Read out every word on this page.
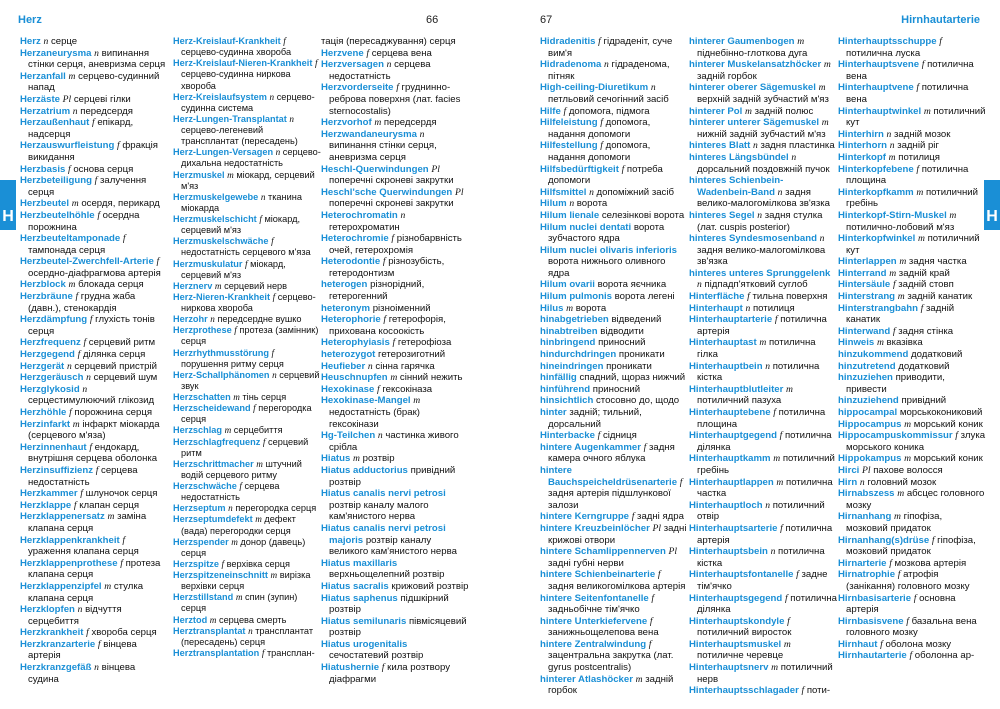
Herz	66
H

Herz n серце

Herzaneurysma n випинання стінки серця, аневризма серця

Herzanfall m серцево-судинний напад

Herzäste Pl серцеві гілки

Herzatrium n передсердя

Herzaußenhaut f епікард, надсерця

Herzauswurfleistung f фракція викидання

Herzbasis f основа серця

Herzbeteiligung f залучення серця

Herzbeutel m осердя, перикард

Herzbeutelhöhle f осердна порожнина

Herzbeuteltamponade f тампонада серця

Herzbeutel-Zwerchfell-Arterie f осердно-діафрагмова артерія

Herzblock m блокада серця

Herzbräune f грудна жаба (давн.), стенокардія

Herzdämpfung f глухість тонів серця

Herzfrequenz f серцевий ритм

Herzgegend f ділянка серця

Herzgerät n серцевий пристрій

Herzgeräusch n серцевий шум

Herzglykosid n серцестимулюючий глікозид

Herzhöhle f порожнина серця

Herzinfarkt m інфаркт міокарда (серцевого м'яза)

Herzinnenhaut f ендокард, внутрішня серцева оболонка

Herzinsuffizienz f серцева недостатність

Herzkammer f шлуночок серця

Herzklappe f клапан серця

Herzklappenersatz m заміна клапана серця

Herzklappenkrankheit f ураження клапана серця

Herzklappenprothese f протеза клапана серця

Herzklappenzipfel m стулка клапана серця

Herzklopfen n відчуття серцебиття

Herzkrankheit f хвороба серця

Herzkranzarterie f вінцева артерія

Herzkranzgefäß n вінцева судина

Herz-Kreislauf-Krankheit f серцево-судинна хвороба

Herz-Kreislauf-Nieren-Krankheit f серцево-судинна ниркова хвороба

Herz-Kreislaufsystem n серцево-судинна система

Herz-Lungen-Transplantat n серцево-легеневий трансплантат (пересадень)

Herz-Lungen-Versagen n серцево-дихальна недостатність

Herzmuskel m міокард, серцевий м'яз

Herzmuskelgewebe n тканина міокарда

Herzmuskelschicht f міокард, серцевий м'яз

Herzmuskelschwäche f недостатність серцевого м'яза

Herzmuskulatur f міокард, серцевий м'яз

Herznerv m серцевий нерв

Herz-Nieren-Krankheit f серцево-ниркова хвороба

Herzohr n передсердне вушко

Herzprothese f протеза (замінник) серця

Herzrhythmusstörung f порушення ритму серця

Herz-Schallphänomen n серцевий звук

Herzschatten m тінь серця

Herzscheidewand f перегородка серця

Herzschlag m серцебиття

Herzschlagfrequenz f серцевий ритм

Herzschrittmacher m штучний водій серцевого ритму

Herzschwäche f серцева недостатність

Herzseptum n перегородка серця

Herzseptumdefekt m дефект (вада) перегородки серця

Herzspender m донор (давець) серця

Herzspitze f верхівка серця

Herzspitzeneinschnitt m вирізка верхівки серця

Herzstillstand m спин (зупин) серця

Herztod m серцева смерть

Herztransplantat n трансплантат (пересадень) серця

Herztransplantation f трансплан-

тація (пересаджування) серця

Herzvene f серцева вена

Herzversagen n серцева недостатність

Herzvorderseite f груднинно-реброва поверхня (лат. facies sternocostalis)

Herzvorhof m передсердя

Herzwandaneurysma n випинання стінки серця, аневризма серця

Heschl-Querwindungen Pl поперечні скроневі закрутки

Heschl'sche Querwindungen Pl поперечні скроневі закрутки

Heterochromatin n гетерохроматин

Heterochromie f різнобарвність очей, гетерохромія

Heterodontie f різнозубість, гетеродонтизм

heterogen різнорідний, гетерогенний

heteronym різноіменний

Heterophorie f гетерофорія, прихована косоокість

Heterophyiasis f гетерофіоза

heterozygot гетерозиготний

Heufieber n сінна гарячка

Heuschnupfen m сінний нежить

Hexokinase f гексокіназа

Hexokinase-Mangel m недостатність (брак) гексокінази

Hg-Teilchen n частинка живого срібла

Hiatus m розтвір

Hiatus adductorius привідний розтвір

Hiatus canalis nervi petrosi розтвір каналу малого кам'янистого нерва

Hiatus canalis nervi petrosi majoris розтвір каналу великого кам'янистого нерва

Hiatus maxillaris верхньощелепний розтвір

Hiatus sacralis крижовий розтвір

Hiatus saphenus підшкірний розтвір

Hiatus semilunaris півмісяцевий розтвір

Hiatus urogenitalis сечостатевий розтвір

Hiatushernie f кила розтвору діафрагми

67	Hirnhautarterie
H

Hidradenitis f гідраденіт, суче вим'я

Hidradenoma n гідраденома, пітняк

High-ceiling-Diuretikum n петльовий сечогінний засіб

Hilfe f допомога, підмога

Hilfeleistung f допомога, надання допомоги

Hilfestellung f допомога, надання допомоги

Hilfsbedürftigkeit f потреба допомоги

Hilfsmittel n допоміжний засіб

Hilum n ворота

Hilum lienale селезінкові ворота

Hilum nuclei dentati ворота зубчастого ядра

Hilum nuclei olivaris inferioris ворота нижнього оливного ядра

Hilum ovarii ворота яєчника

Hilum pulmonis ворота легені

Hilus m ворота

hinabgetrieben відведений

hinabtreiben відводити

hinbringend приносний

hindurchdringen проникати

hineindringen проникати

hinfällig спадний, щораз нижчий

hinführend приносний

hinsichtlich стосовно до, щодо

hinter задній; тильний, дорсальний

Hinterbacke f сідниця

hintere Augenkammer f задня камера очного яблука

hintere Bauchspeicheldrüsenarterie f задня артерія підшлункової залози

hintere Kerngruppe f задні ядра

hintere Kreuzbeinlöcher Pl задні крижові отвори

hintere Schamlippennerven Pl задні губні нерви

hintere Schienbeinarterie f задня великогомілкова артерія

hintere Seitenfontanelle f задньобічне тім'ячко

hintere Unterkiefervene f занижньощелепова вена

hintere Zentralwindung f зацентральна закрутка (лат. gyrus postcentralis)

hinterer Atlashöcker m задній горбок

hinterer Gaumenbogen m піднебінно-глоткова дуга

hinterer Muskelansatzhöcker m задній горбок

hinterer oberer Sägemuskel m верхній задній зубчастий м'яз

hinterer Pol m задній полюс

hinterer unterer Sägemuskel m нижній задній зубчастий м'яз

hinteres Blatt n задня пластинка

hinteres Längsbündel n дорсальний поздовжній пучок

hinteres Schienbein-Wadenbein-Band n задня велико-малогомілкова зв'язка

hinteres Segel n задня стулка (лат. cuspis posterior)

hinteres Syndesmosenband n задня велико-малогомілкова зв'язка

hinteres unteres Sprunggelenk n підпадп'ятковий суглоб

Hinterfläche f тильна поверхня

Hinterhaupt n потилиця

Hinterhauptarterie f потилична артерія

Hinterhauptast m потилична гілка

Hinterhauptbein n потилична кістка

Hinterhauptblutleiter m потиличний пазуха

Hinterhauptebene f потилична площина

Hinterhauptgegend f потилична ділянка

Hinterhauptkamm m потиличний гребінь

Hinterhauptlappen m потилична частка

Hinterhauptloch n потиличний отвір

Hinterhauptsarterie f потилична артерія

Hinterhauptsbein n потилична кістка

Hinterhauptsfontanelle f задне тім'ячко

Hinterhauptsgegend f потилична ділянка

Hinterhauptskondyle f потиличний виросток

Hinterhauptsmuskel m потиличне черевце

Hinterhauptsnerv m потиличний нерв

Hinterhauptsschlagader f поти-

Hinterhauptsschuppe f потилична луска

Hinterhauptsvene f потилична вена

Hinterhauptvene f потилична вена

Hinterhauptwinkel m потиличний кут

Hinterhirn n задній мозок

Hinterhorn n задній ріг

Hinterkopf m потилиця

Hinterkopfebene f потилична площина

Hinterkopfkamm m потиличний гребінь

Hinterkopf-Stirn-Muskel m потилично-лобовий м'яз

Hinterkopfwinkel m потиличний кут

Hinterlappen m задня частка

Hinterrand m задній край

Hintersäule f задній стовп

Hinterstrang m задній канатик

Hinterstrangbahn f задній канатик

Hinterwand f задня стінка

Hinweis m вказівка

hinzukommend додатковий

hinzutretend додатковий

hinzuziehen приводити, привести

hinzuziehend привідний

hippocampal морськокониковий

Hippocampus m морський коник

Hippocampuskommissur f злука морського коника

Hippokampus m морський коник

Hirci Pl пахове волосся

Hirn n головний мозок

Hirnabszess m абсцес головного мозку

Hirnanhang m гіпофіза, мозковий придаток

Hirnanhang(s)drüse f гіпофіза, мозковий придаток

Hirnarterie f мозкова артерія

Hirnatrophie f атрофія (занікання) головного мозку

Hirnbasisarterie f основна артерія

Hirnbasisvene f базальна вена головного мозку

Hirnhaut f оболона мозку

Hirnhautarterie f оболонна ар-
